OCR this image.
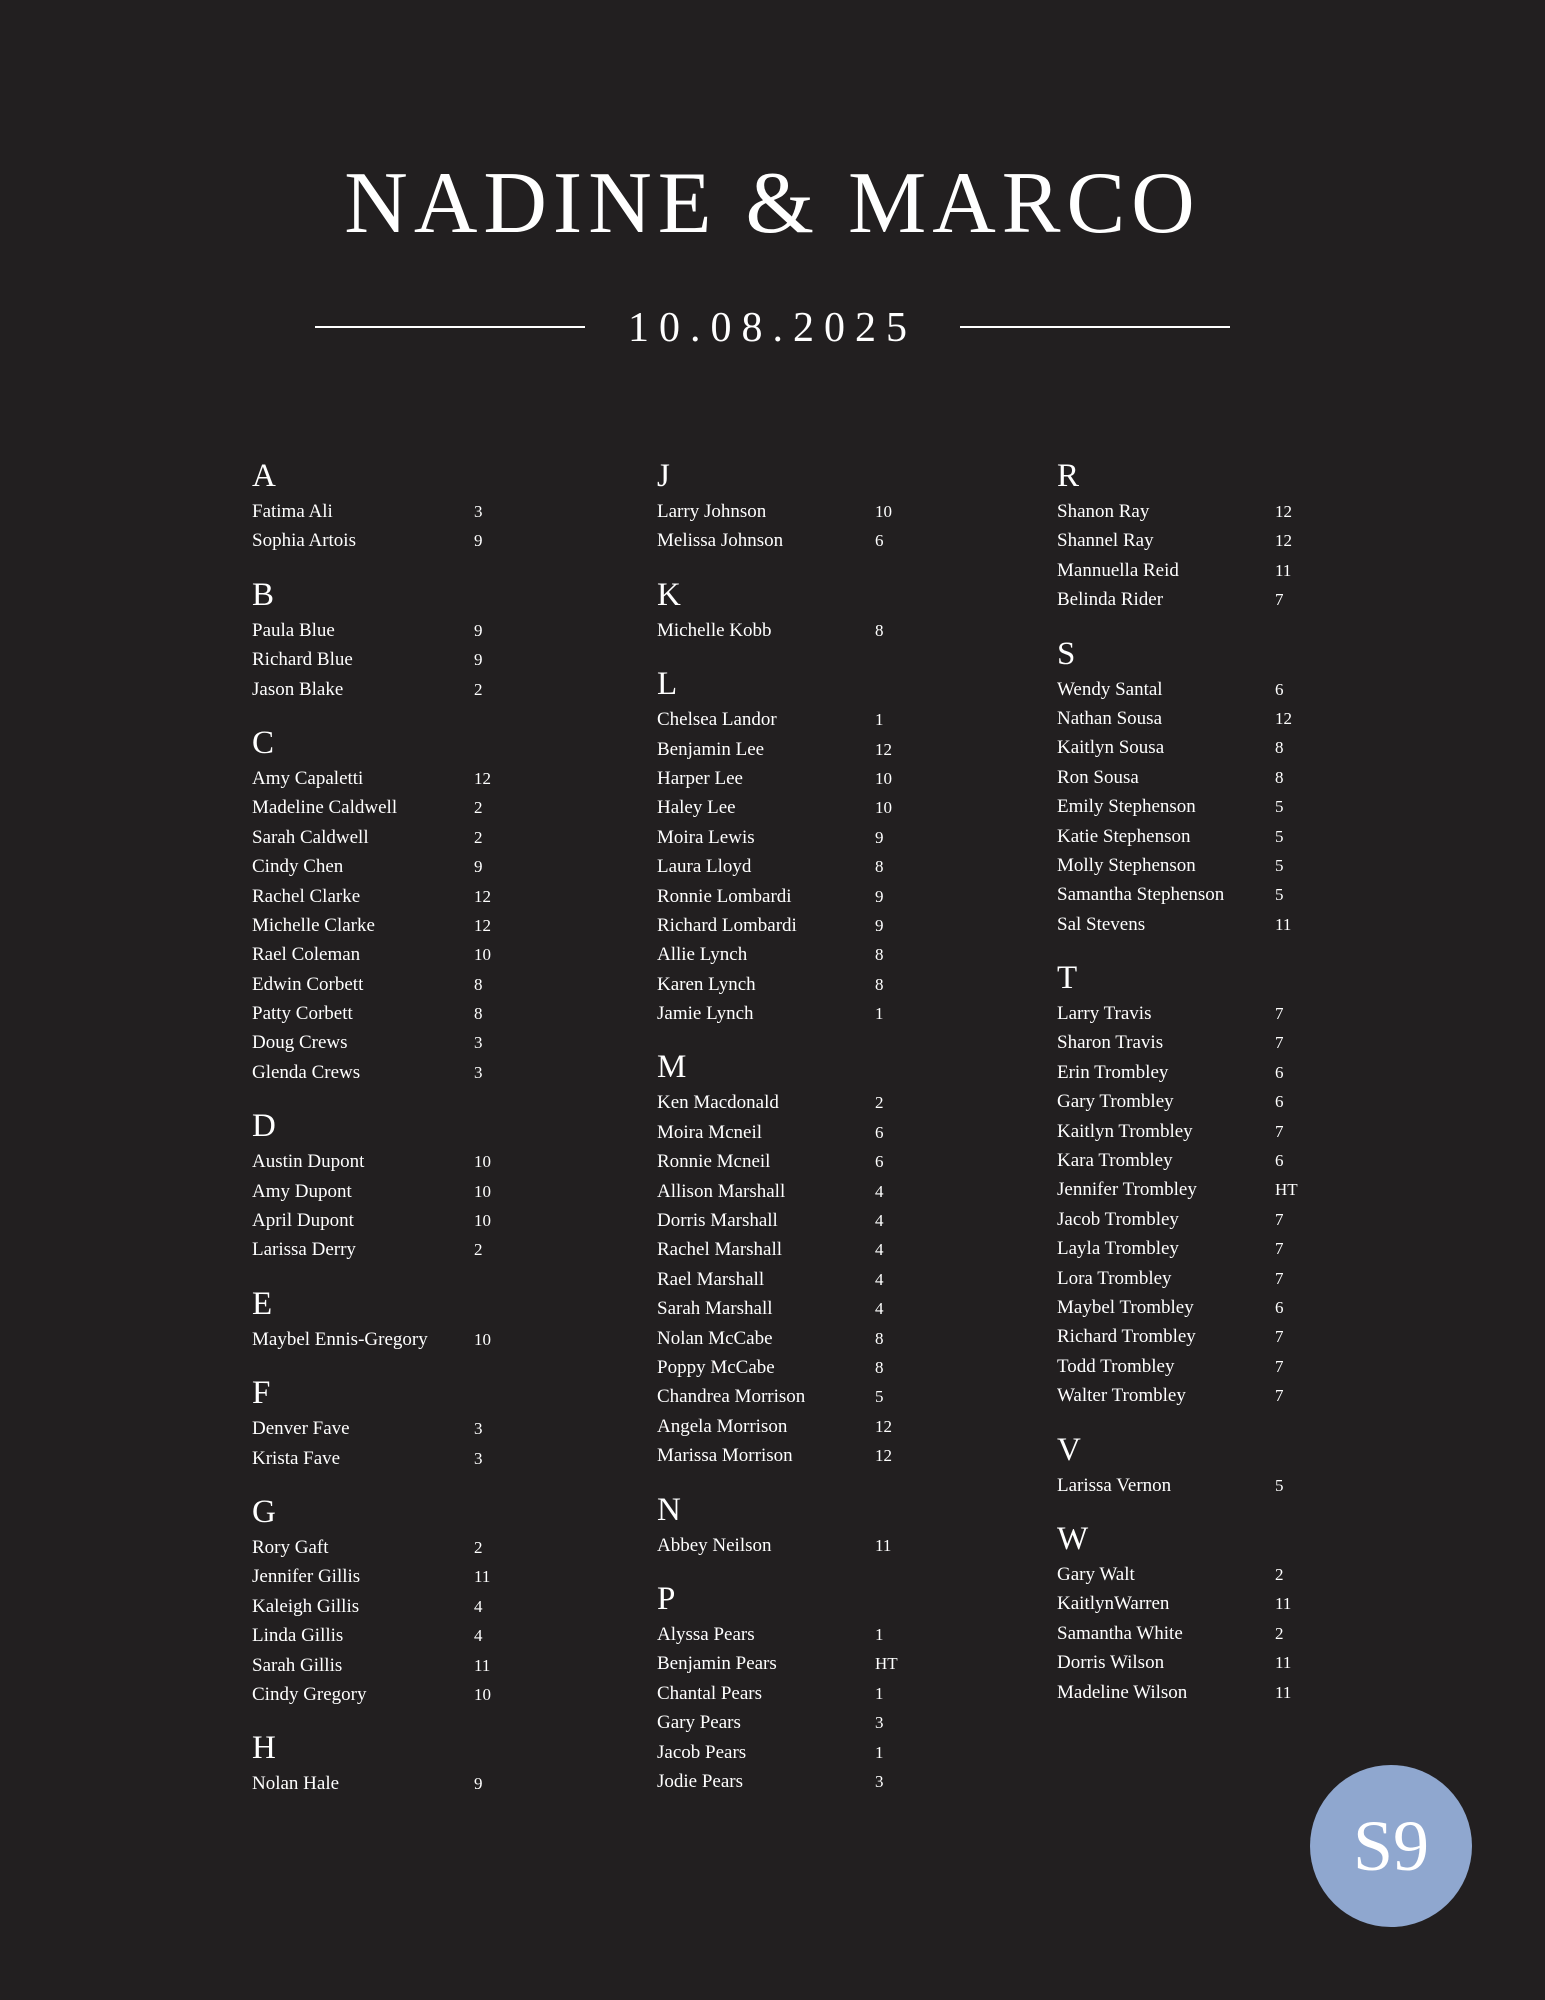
NADINE & MARCO
10.08.2025
A
Fatima Ali	3
Sophia Artois	9
B
Paula Blue	9
Richard Blue	9
Jason Blake	2
C
Amy Capaletti	12
Madeline Caldwell	2
Sarah Caldwell	2
Cindy Chen	9
Rachel Clarke	12
Michelle Clarke	12
Rael Coleman	10
Edwin Corbett	8
Patty Corbett	8
Doug Crews	3
Glenda Crews	3
D
Austin Dupont	10
Amy Dupont	10
April Dupont	10
Larissa Derry	2
E
Maybel Ennis-Gregory	10
F
Denver Fave	3
Krista Fave	3
G
Rory Gaft	2
Jennifer Gillis	11
Kaleigh Gillis	4
Linda Gillis	4
Sarah Gillis	11
Cindy Gregory	10
H
Nolan Hale	9
J
Larry Johnson	10
Melissa Johnson	6
K
Michelle Kobb	8
L
Chelsea Landor	1
Benjamin Lee	12
Harper Lee	10
Haley Lee	10
Moira Lewis	9
Laura Lloyd	8
Ronnie Lombardi	9
Richard Lombardi	9
Allie Lynch	8
Karen Lynch	8
Jamie Lynch	1
M
Ken Macdonald	2
Moira Mcneil	6
Ronnie Mcneil	6
Allison Marshall	4
Dorris Marshall	4
Rachel Marshall	4
Rael Marshall	4
Sarah Marshall	4
Nolan McCabe	8
Poppy McCabe	8
Chandrea Morrison	5
Angela Morrison	12
Marissa Morrison	12
N
Abbey Neilson	11
P
Alyssa Pears	1
Benjamin Pears	HT
Chantal Pears	1
Gary Pears	3
Jacob Pears	1
Jodie Pears	3
R
Shanon Ray	12
Shannel Ray	12
Mannuella Reid	11
Belinda Rider	7
S
Wendy Santal	6
Nathan Sousa	12
Kaitlyn Sousa	8
Ron Sousa	8
Emily Stephenson	5
Katie Stephenson	5
Molly Stephenson	5
Samantha Stephenson	5
Sal Stevens	11
T
Larry Travis	7
Sharon Travis	7
Erin Trombley	6
Gary Trombley	6
Kaitlyn Trombley	7
Kara Trombley	6
Jennifer Trombley	HT
Jacob Trombley	7
Layla Trombley	7
Lora Trombley	7
Maybel Trombley	6
Richard Trombley	7
Todd Trombley	7
Walter Trombley	7
V
Larissa Vernon	5
W
Gary Walt	2
KaitlynWarren	11
Samantha White	2
Dorris Wilson	11
Madeline Wilson	11
S9
